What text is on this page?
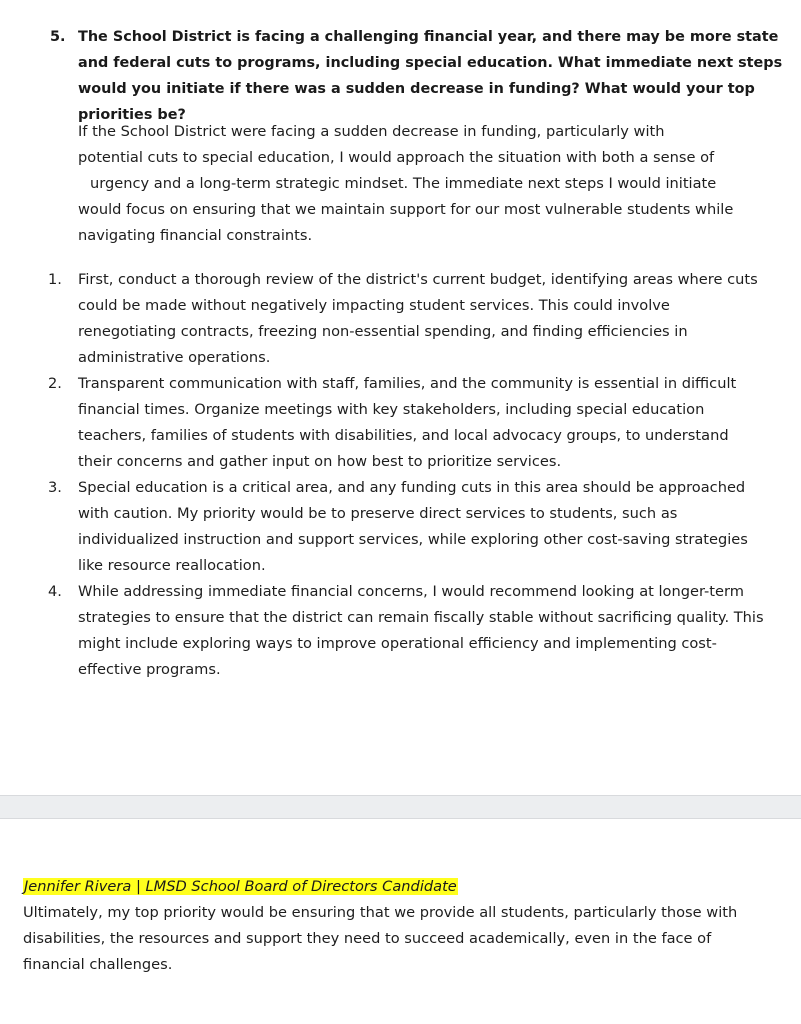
5. The School District is facing a challenging financial year, and there may be more state and federal cuts to programs, including special education. What immediate next steps would you initiate if there was a sudden decrease in funding? What would your top priorities be?
If the School District were facing a sudden decrease in funding, particularly with
potential cuts to special education, I would approach the situation with both a sense of
urgency and a long-term strategic mindset. The immediate next steps I would initiate
would focus on ensuring that we maintain support for our most vulnerable students while
navigating financial constraints.
1. First, conduct a thorough review of the district's current budget, identifying areas where cuts
could be made without negatively impacting student services. This could involve
renegotiating contracts, freezing non-essential spending, and finding efficiencies in
administrative operations.
2. Transparent communication with staff, families, and the community is essential in difficult
financial times. Organize meetings with key stakeholders, including special education
teachers, families of students with disabilities, and local advocacy groups, to understand
their concerns and gather input on how best to prioritize services.
3. Special education is a critical area, and any funding cuts in this area should be approached
with caution. My priority would be to preserve direct services to students, such as
individualized instruction and support services, while exploring other cost-saving strategies
like resource reallocation.
4. While addressing immediate financial concerns, I would recommend looking at longer-term
strategies to ensure that the district can remain fiscally stable without sacrificing quality. This
might include exploring ways to improve operational efficiency and implementing cost-
effective programs.
Jennifer Rivera | LMSD School Board of Directors Candidate
Ultimately, my top priority would be ensuring that we provide all students, particularly those with
disabilities, the resources and support they need to succeed academically, even in the face of
financial challenges.
